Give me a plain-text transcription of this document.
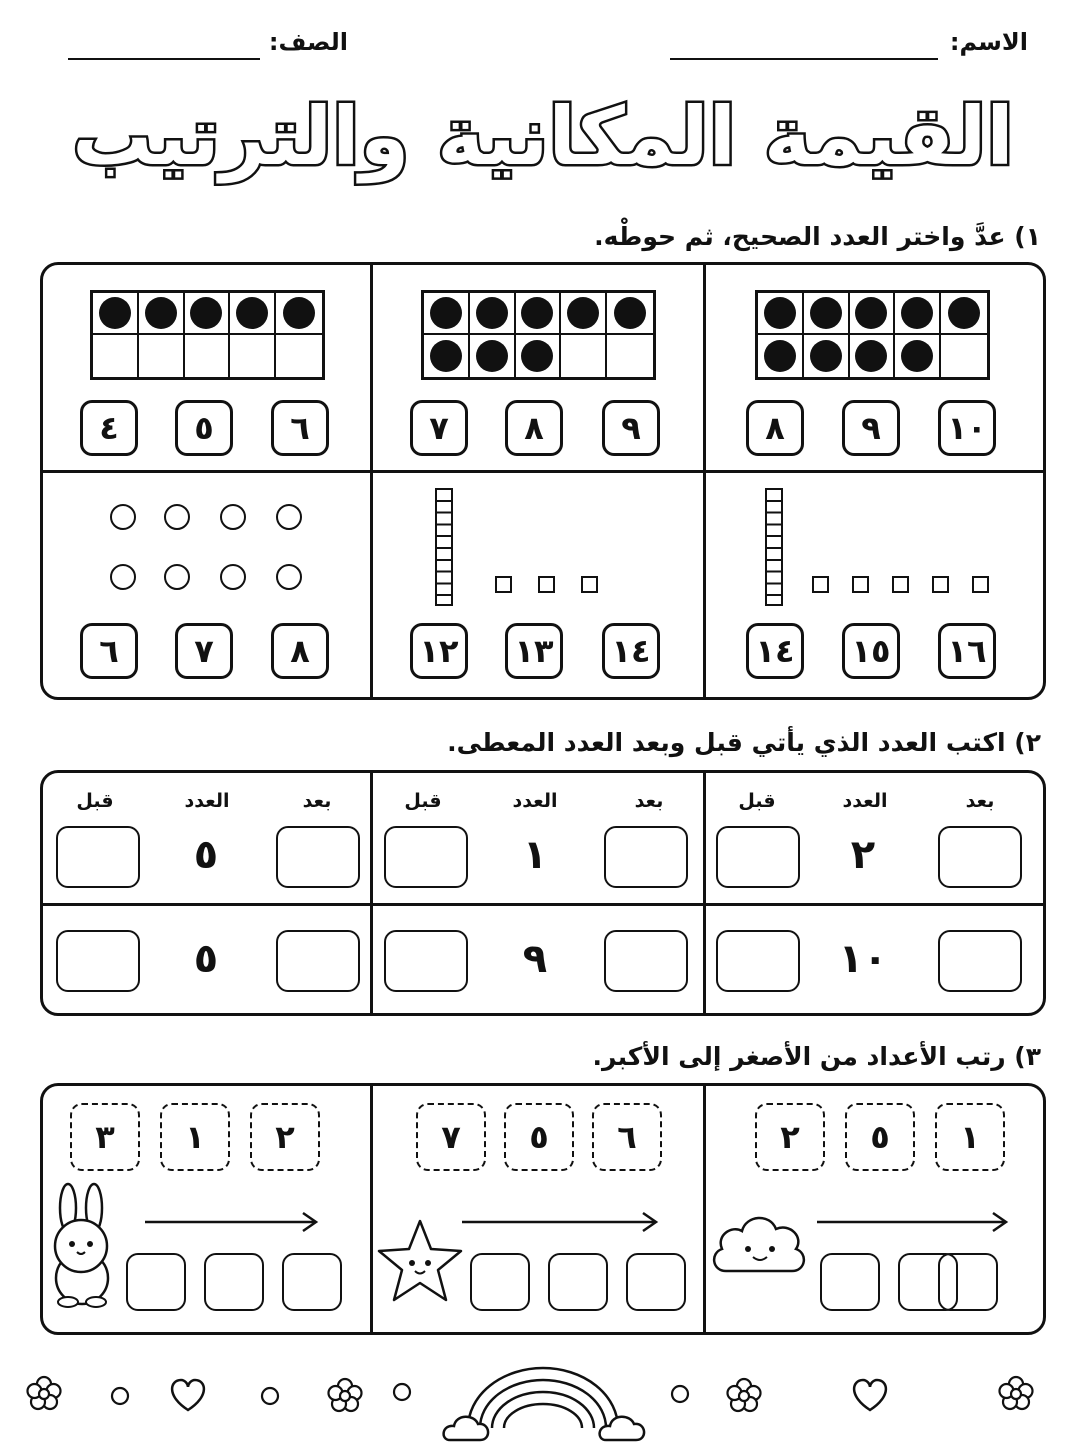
الاسم:
الصف:
القيمة المكانية والترتيب
١) عدَّ واختر العدد الصحيح، ثم حوطْه.
١٠
٩
٨
٩
٨
٧
٦
٥
٤
١٦
١٥
١٤
١٤
١٣
١٢
٨
٧
٦
٢) اكتب العدد الذي يأتي قبل وبعد العدد المعطى.
بعد
العدد
قبل
بعد
العدد
قبل
بعد
العدد
قبل
٢
١
٥
١٠
٩
٥
٣) رتب الأعداد من الأصغر إلى الأكبر.
١
٥
٢
٦
٥
٧
٢
١
٣
